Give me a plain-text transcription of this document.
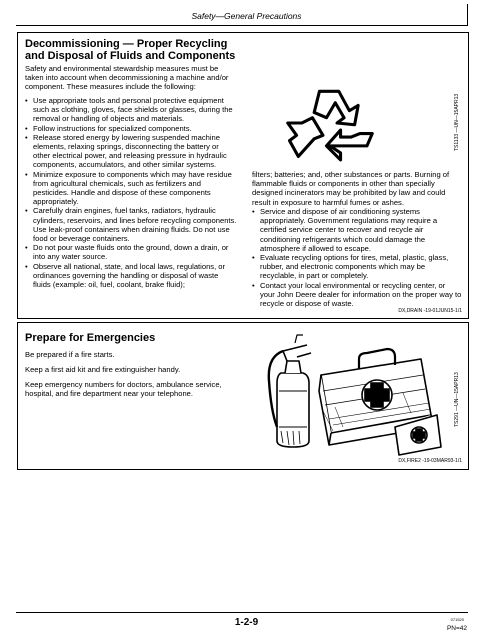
Safety—General Precautions
Decommissioning — Proper Recycling and Disposal of Fluids and Components
Safety and environmental stewardship measures must be taken into account when decommissioning a machine and/or component. These measures include the following:
• Use appropriate tools and personal protective equipment such as clothing, gloves, face shields or glasses, during the removal or handling of objects and materials.
• Follow instructions for specialized components.
• Release stored energy by lowering suspended machine elements, relaxing springs, disconnecting the battery or other electrical power, and releasing pressure in hydraulic components, accumulators, and other similar systems.
• Minimize exposure to components which may have residue from agricultural chemicals, such as fertilizers and pesticides. Handle and dispose of these components appropriately.
• Carefully drain engines, fuel tanks, radiators, hydraulic cylinders, reservoirs, and lines before recycling components. Use leak-proof containers when draining fluids. Do not use food or beverage containers.
• Do not pour waste fluids onto the ground, down a drain, or into any water source.
• Observe all national, state, and local laws, regulations, or ordinances governing the handling or disposal of waste fluids (example: oil, fuel, coolant, brake fluid);
TS1133 —UN—15APR13
filters; batteries; and, other substances or parts. Burning of flammable fluids or components in other than specially designed incinerators may be prohibited by law and could result in exposure to harmful fumes or ashes.
• Service and dispose of air conditioning systems appropriately. Government regulations may require a certified service center to recover and recycle air conditioning refrigerants which could damage the atmosphere if allowed to escape.
• Evaluate recycling options for tires, metal, plastic, glass, rubber, and electronic components which may be recyclable, in part or completely.
• Contact your local environmental or recycling center, or your John Deere dealer for information on the proper way to recycle or dispose of waste.
DX,DRAIN -19-01JUN15-1/1
Prepare for Emergencies
Be prepared if a fire starts.
Keep a first aid kit and fire extinguisher handy.
Keep emergency numbers for doctors, ambulance service, hospital, and fire department near your telephone.	TS291 —UN—15APR13
DX,FIRE2 -19-03MAR93-1/1
1-2-9	071520
PN=42
